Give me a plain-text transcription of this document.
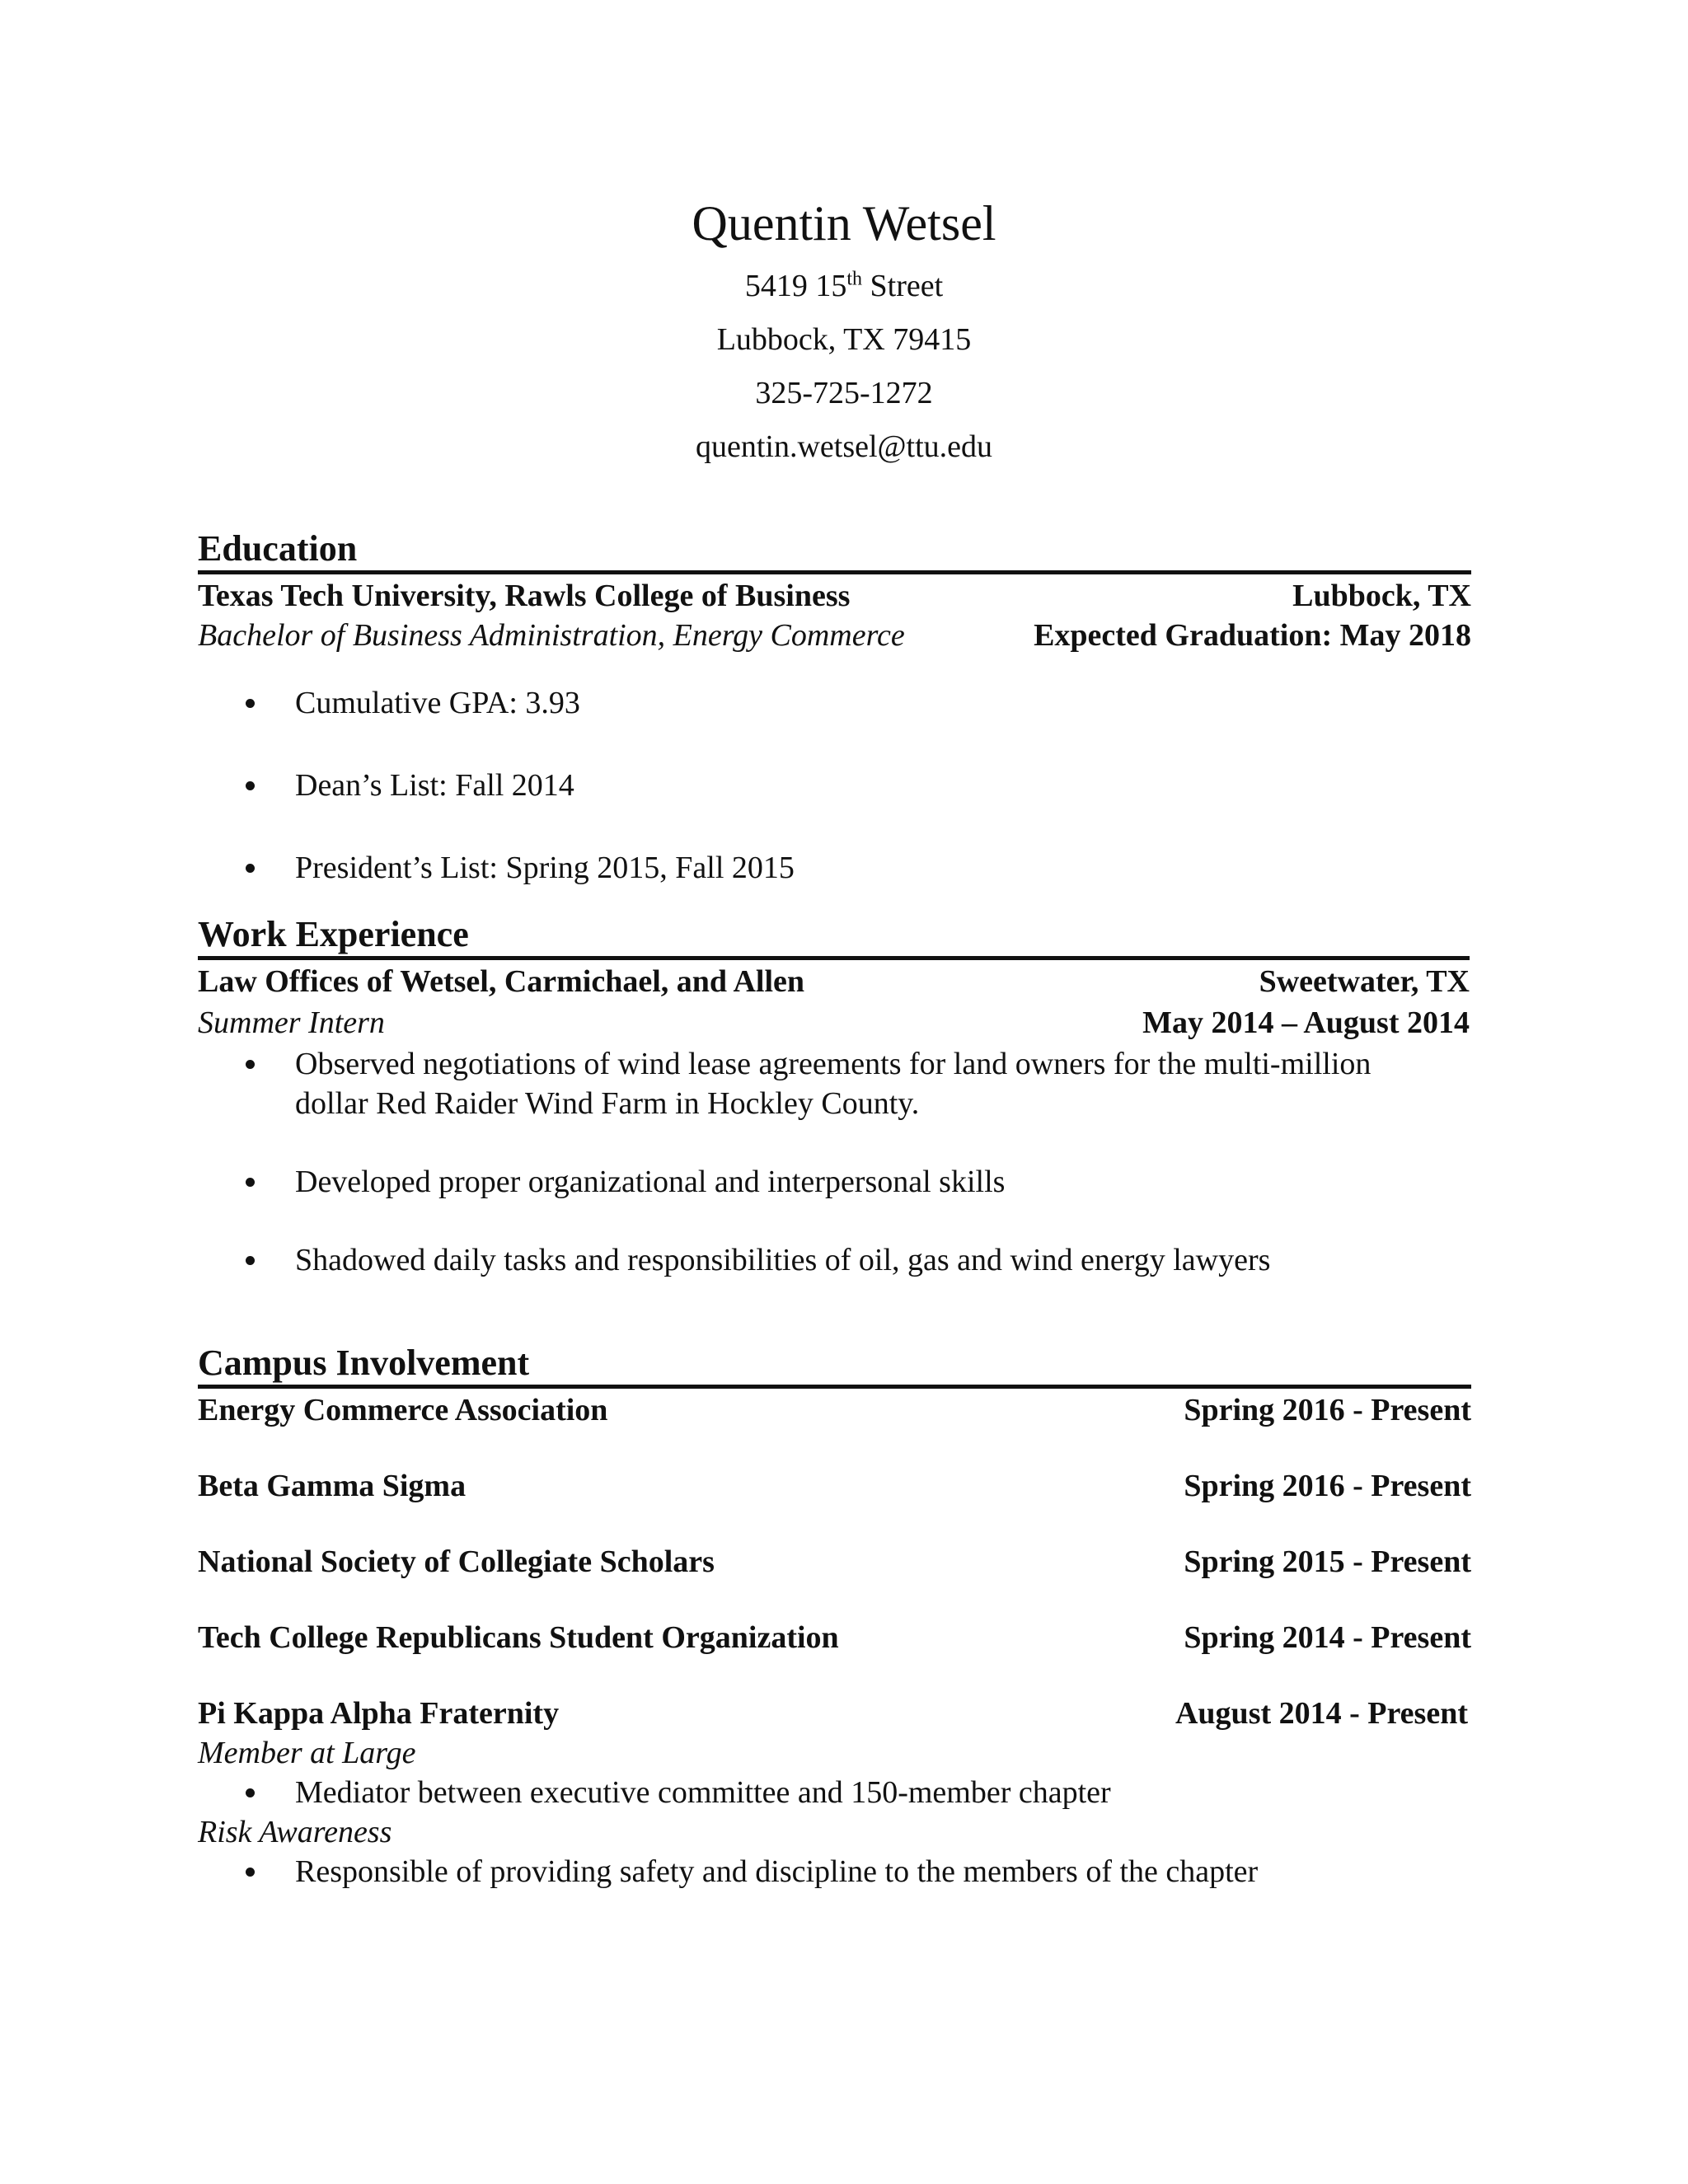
Quentin Wetsel
5419 15th Street
Lubbock, TX 79415
325-725-1272
quentin.wetsel@ttu.edu
Education
Texas Tech University, Rawls College of Business	Lubbock, TX
Bachelor of Business Administration, Energy Commerce	Expected Graduation: May 2018
Cumulative GPA: 3.93
Dean’s List: Fall 2014
President’s List: Spring 2015, Fall 2015
Work Experience
Law Offices of Wetsel, Carmichael, and Allen	Sweetwater, TX
Summer Intern	May 2014 – August 2014
Observed negotiations of wind lease agreements for land owners for the multi-million dollar Red Raider Wind Farm in Hockley County.
Developed proper organizational and interpersonal skills
Shadowed daily tasks and responsibilities of oil, gas and wind energy lawyers
Campus Involvement
Energy Commerce Association	Spring 2016 - Present
Beta Gamma Sigma	Spring 2016 - Present
National Society of Collegiate Scholars	Spring 2015 - Present
Tech College Republicans Student Organization	Spring 2014 - Present
Pi Kappa Alpha Fraternity	August 2014 - Present
Member at Large
Mediator between executive committee and 150-member chapter
Risk Awareness
Responsible of providing safety and discipline to the members of the chapter
